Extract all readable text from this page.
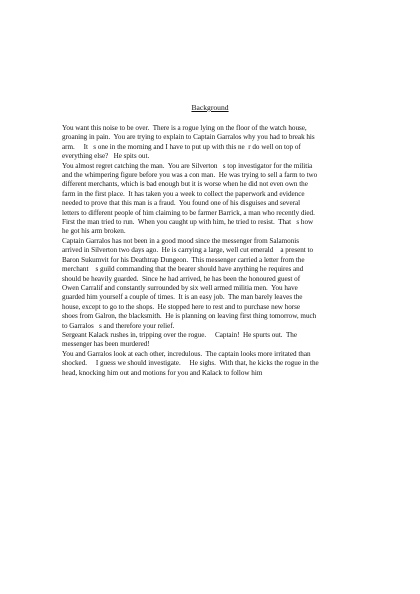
Background
You want this noise to be over.  There is a rogue lying on the floor of the watch house,
groaning in pain.  You are trying to explain to Captain Garralos why you had to break his
arm.     It   s one in the morning and I have to put up with this ne  r do well on top of
everything else?   He spits out.
You almost regret catching the man.  You are Silverton   s top investigator for the militia
and the whimpering figure before you was a con man.  He was trying to sell a farm to two
different merchants, which is bad enough but it is worse when he did not even own the
farm in the first place.  It has taken you a week to collect the paperwork and evidence
needed to prove that this man is a fraud.  You found one of his disguises and several
letters to different people of him claiming to be farmer Barrick, a man who recently died.
First the man tried to run.  When you caught up with him, he tried to resist.  That   s how
he got his arm broken.
Captain Garralos has not been in a good mood since the messenger from Salamonis
arrived in Silverton two days ago.  He is carrying a large, well cut emerald    a present to
Baron Sukumvit for his Deathtrap Dungeon.  This messenger carried a letter from the
merchant    s guild commanding that the bearer should have anything he requires and
should be heavily guarded.  Since he had arrived, he has been the honoured guest of
Owen Carralif and constantly surrounded by six well armed militia men.  You have
guarded him yourself a couple of times.  It is an easy job.  The man barely leaves the
house, except to go to the shops.  He stopped here to rest and to purchase new horse
shoes from Galron, the blacksmith.  He is planning on leaving first thing tomorrow, much
to Garralos   s and therefore your relief.
Sergeant Kalack rushes in, tripping over the rogue.     Captain!  He spurts out.  The
messenger has been murdered!
You and Garralos look at each other, incredulous.  The captain looks more irritated than
shocked.     I guess we should investigate.     He sighs.  With that, he kicks the rogue in the
head, knocking him out and motions for you and Kalack to follow him
